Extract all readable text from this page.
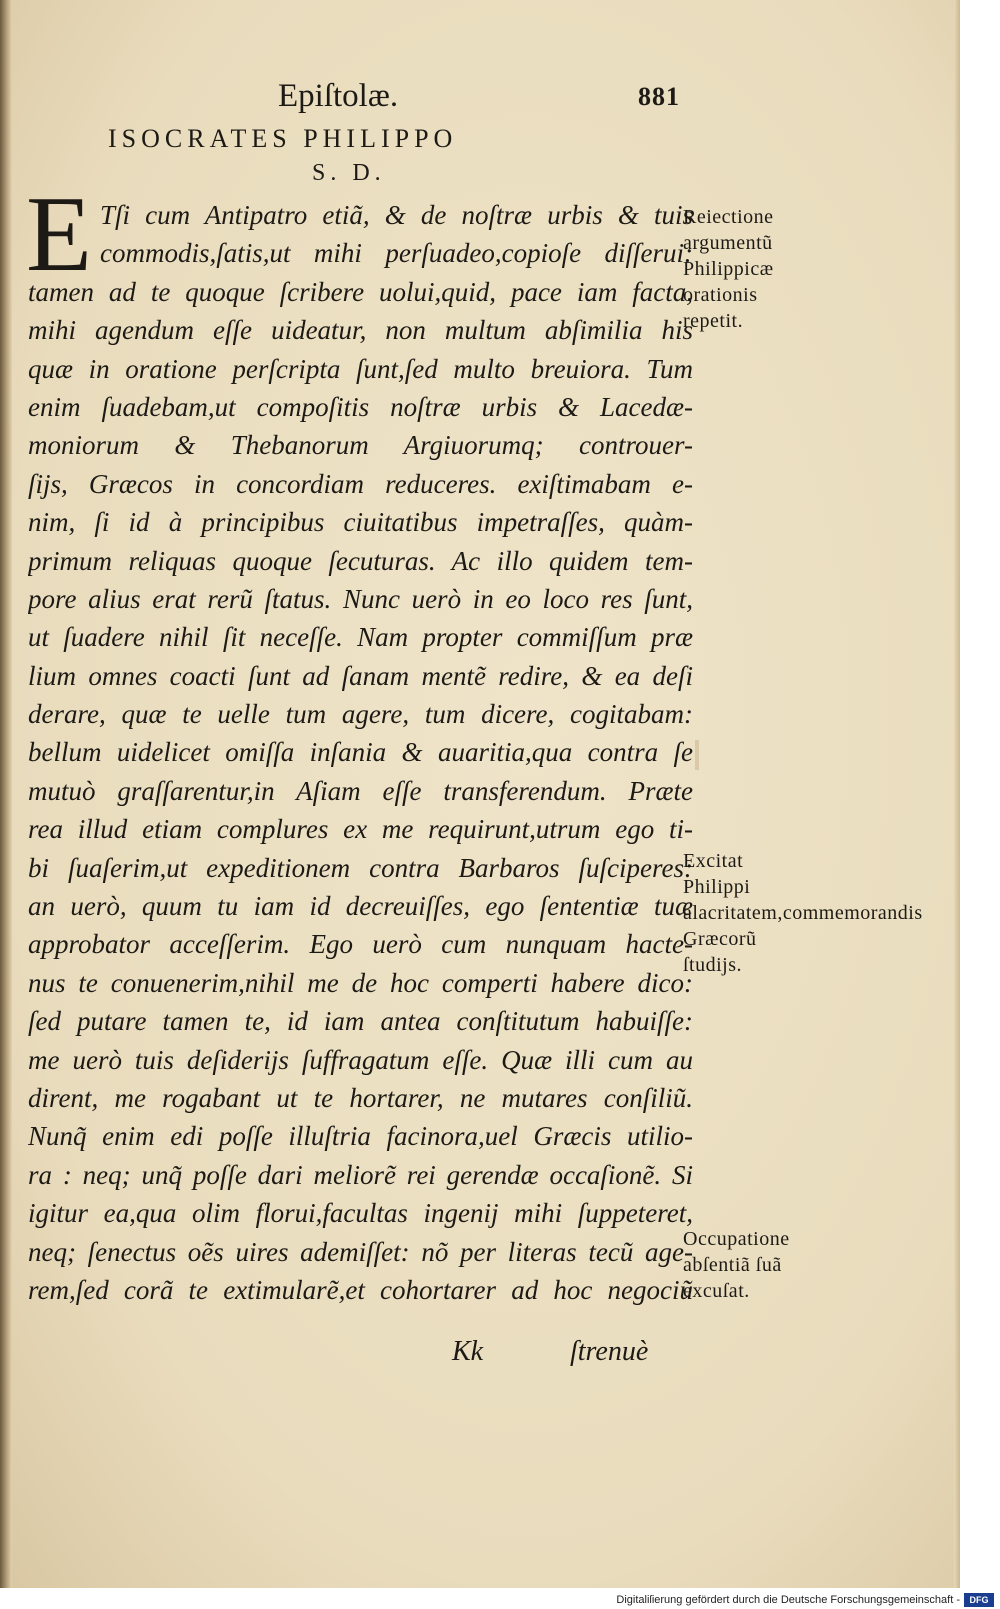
Epiſtolæ.	881
ISOCRATES PHILIPPO
S. D.
E Tſi cum Antipatro etiã, & de noſtræ urbis & tuis
commodis,ſatis,ut mihi perſuadeo,copioſe diſſerui:
tamen ad te quoque ſcribere uolui,quid, pace iam facta,
mihi agendum eſſe uideatur, non multum abſimilia his
quæ in oratione perſcripta ſunt,ſed multo breuiora. Tum
enim ſuadebam,ut compoſitis noſtræ urbis & Lacedæ-
moniorum & Thebanorum Argiuorumq; controuer-
ſijs, Græcos in concordiam reduceres. exiſtimabam e-
nim, ſi id à principibus ciuitatibus impetraſſes, quàm-
primum reliquas quoque ſecuturas. Ac illo quidem tem-
pore alius erat rerũ ſtatus. Nunc uerò in eo loco res ſunt,
ut ſuadere nihil ſit neceſſe. Nam propter commiſſum præ
lium omnes coacti ſunt ad ſanam mentẽ redire, & ea deſi
derare, quæ te uelle tum agere, tum dicere, cogitabam:
bellum uidelicet omiſſa inſania & auaritia,qua contra ſe
mutuò graſſarentur,in Aſiam eſſe transferendum. Præte
rea illud etiam complures ex me requirunt,utrum ego ti-
bi ſuaſerim,ut expeditionem contra Barbaros ſuſciperes:
an uerò, quum tu iam id decreuiſſes, ego ſententiæ tuæ
approbator acceſſerim. Ego uerò cum nunquam hacte-
nus te conuenerim,nihil me de hoc comperti habere dico:
ſed putare tamen te, id iam antea conſtitutum habuiſſe:
me uerò tuis deſiderijs ſuffragatum eſſe. Quæ illi cum au
dirent, me rogabant ut te hortarer, ne mutares conſiliũ.
Nunq̃ enim edi poſſe illuſtria facinora,uel Græcis utilio-
ra : neq; unq̃ poſſe dari meliorẽ rei gerendæ occaſionẽ. Si
igitur ea,qua olim florui,facultas ingenij mihi ſuppeteret,
neq; ſenectus oẽs uires ademiſſet: nõ per literas tecũ age-
rem,ſed corã te extimularẽ,et cohortarer ad hoc negociũ
Reiectione argumentũ Philippicæ orationis repetit.
Excitat Philippi alacritatem,commemorandis Græcorũ ſtudijs.
Occupatione abſentiã ſuã excuſat.
Kk	ſtrenuè
Digitaliſierung gefördert durch die Deutsche Forschungsgemeinschaft -	DFG
